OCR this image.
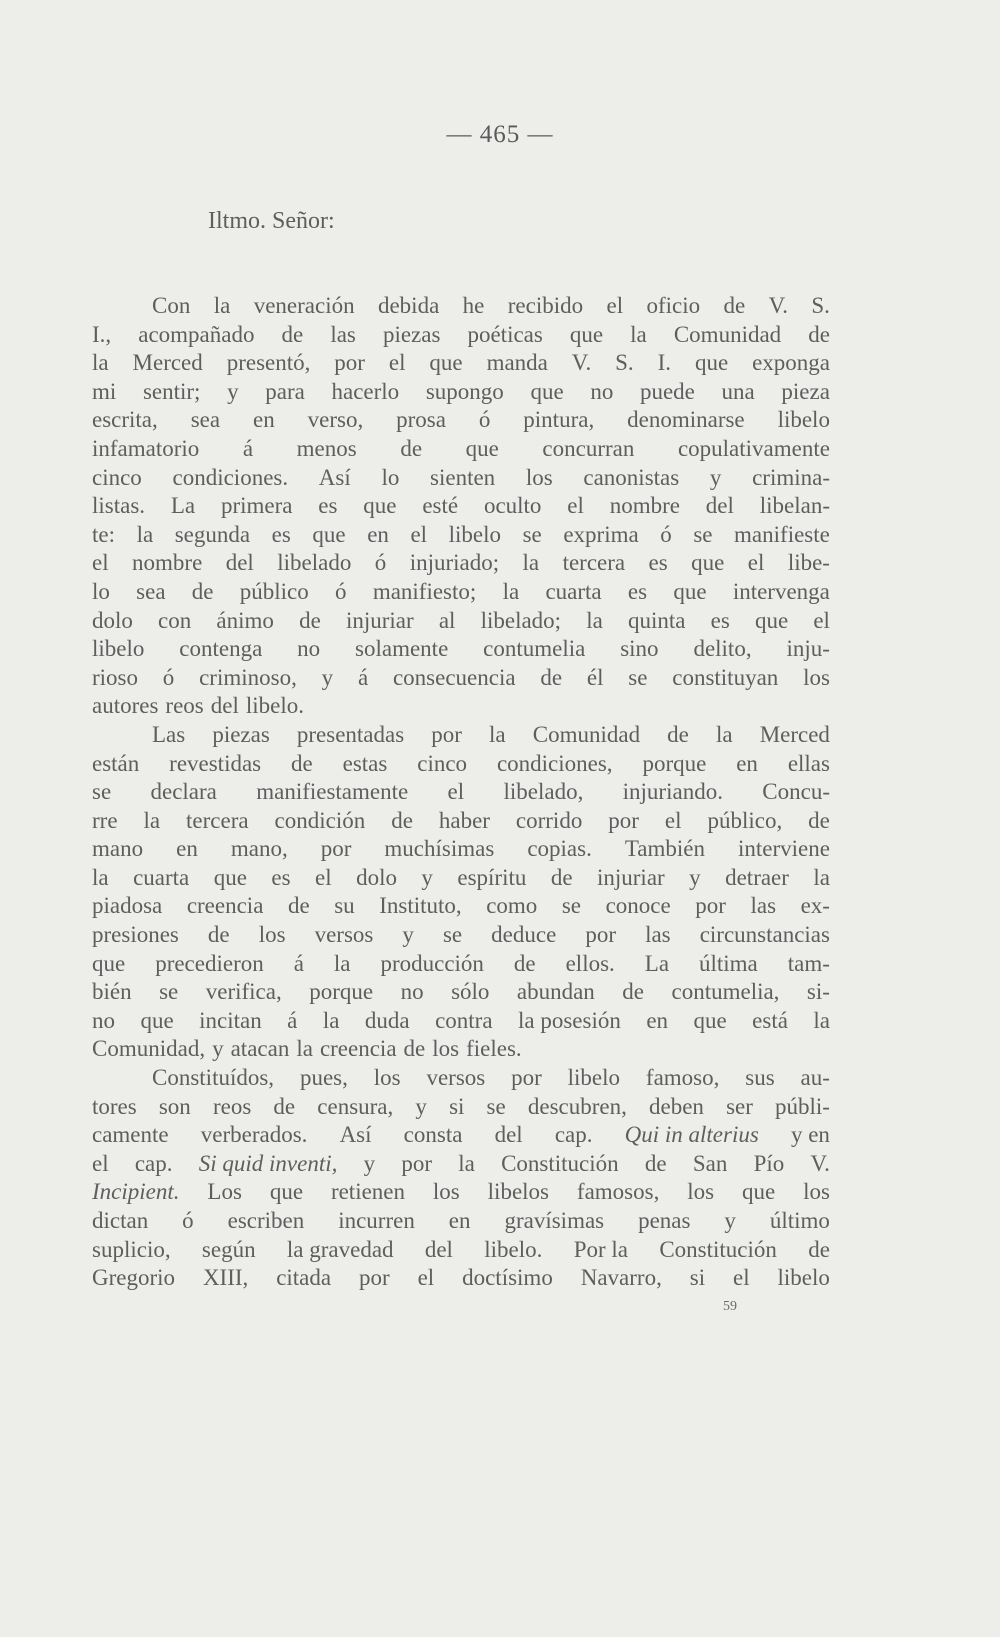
— 465 —
Iltmo. Señor:
Con la veneración debida he recibido el oficio de V. S.
I., acompañado de las piezas poéticas que la Comunidad de
la Merced presentó, por el que manda V. S. I. que exponga
mi sentir; y para hacerlo supongo que no puede una pieza
escrita, sea en verso, prosa ó pintura, denominarse libelo
infamatorio á menos de que concurran copulativamente
cinco condiciones. Así lo sienten los canonistas y crimina-
listas. La primera es que esté oculto el nombre del libelan-
te: la segunda es que en el libelo se exprima ó se manifieste
el nombre del libelado ó injuriado; la tercera es que el libe-
lo sea de público ó manifiesto; la cuarta es que intervenga
dolo con ánimo de injuriar al libelado; la quinta es que el
libelo contenga no solamente contumelia sino delito, inju-
rioso ó criminoso, y á consecuencia de él se constituyan los
autores reos del libelo.
Las piezas presentadas por la Comunidad de la Merced
están revestidas de estas cinco condiciones, porque en ellas
se declara manifiestamente el libelado, injuriando. Concu-
rre la tercera condición de haber corrido por el público, de
mano en mano, por muchísimas copias. También interviene
la cuarta que es el dolo y espíritu de injuriar y detraer la
piadosa creencia de su Instituto, como se conoce por las ex-
presiones de los versos y se deduce por las circunstancias
que precedieron á la producción de ellos. La última tam-
bién se verifica, porque no sólo abundan de contumelia, si-
no que incitan á la duda contra la posesión en que está la
Comunidad, y atacan la creencia de los fieles.
Constituídos, pues, los versos por libelo famoso, sus au-
tores son reos de censura, y si se descubren, deben ser públi-
camente verberados. Así consta del cap. Qui in alterius y en
el cap. Si quid inventi, y por la Constitución de San Pío V.
Incipient. Los que retienen los libelos famosos, los que los
dictan ó escriben incurren en gravísimas penas y último
suplicio, según la gravedad del libelo. Por la Constitución de
Gregorio XIII, citada por el doctísimo Navarro, si el libelo
59
